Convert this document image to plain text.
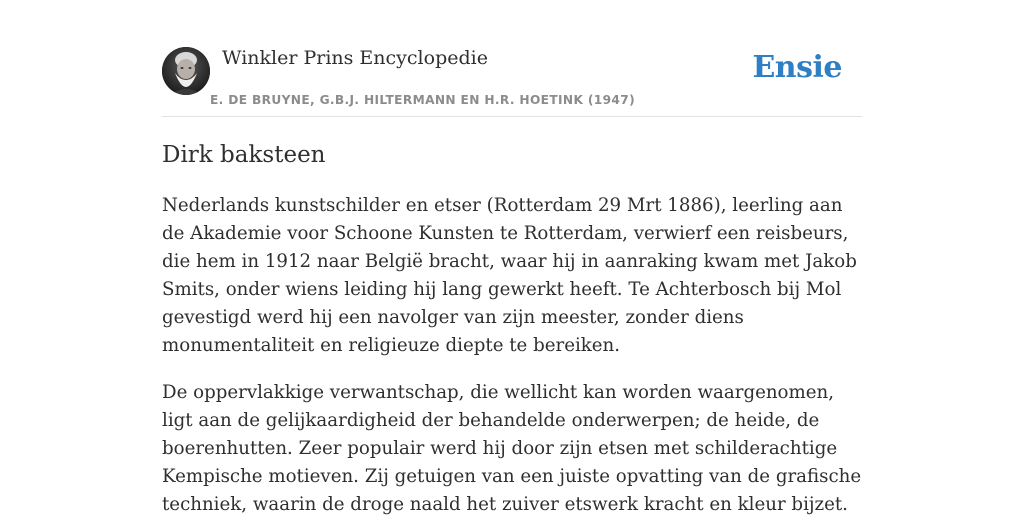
Winkler Prins Encyclopedie
E. DE BRUYNE, G.B.J. HILTERMANN EN H.R. HOETINK (1947)
Ensie
Dirk baksteen

Nederlands kunstschilder en etser (Rotterdam 29 Mrt 1886), leerling aan de Akademie voor Schoone Kunsten te Rotterdam, verwierf een reisbeurs, die hem in 1912 naar België bracht, waar hij in aanraking kwam met Jakob Smits, onder wiens leiding hij lang gewerkt heeft. Te Achterbosch bij Mol gevestigd werd hij een navolger van zijn meester, zonder diens monumentaliteit en religieuze diepte te bereiken.

De oppervlakkige verwantschap, die wellicht kan worden waargenomen, ligt aan de gelijkaardigheid der behandelde onderwerpen; de heide, de boerenhutten. Zeer populair werd hij door zijn etsen met schilderachtige Kempische motieven. Zij getuigen van een juiste opvatting van de grafische techniek, waarin de droge naald het zuiver etswerk kracht en kleur bijzet.
